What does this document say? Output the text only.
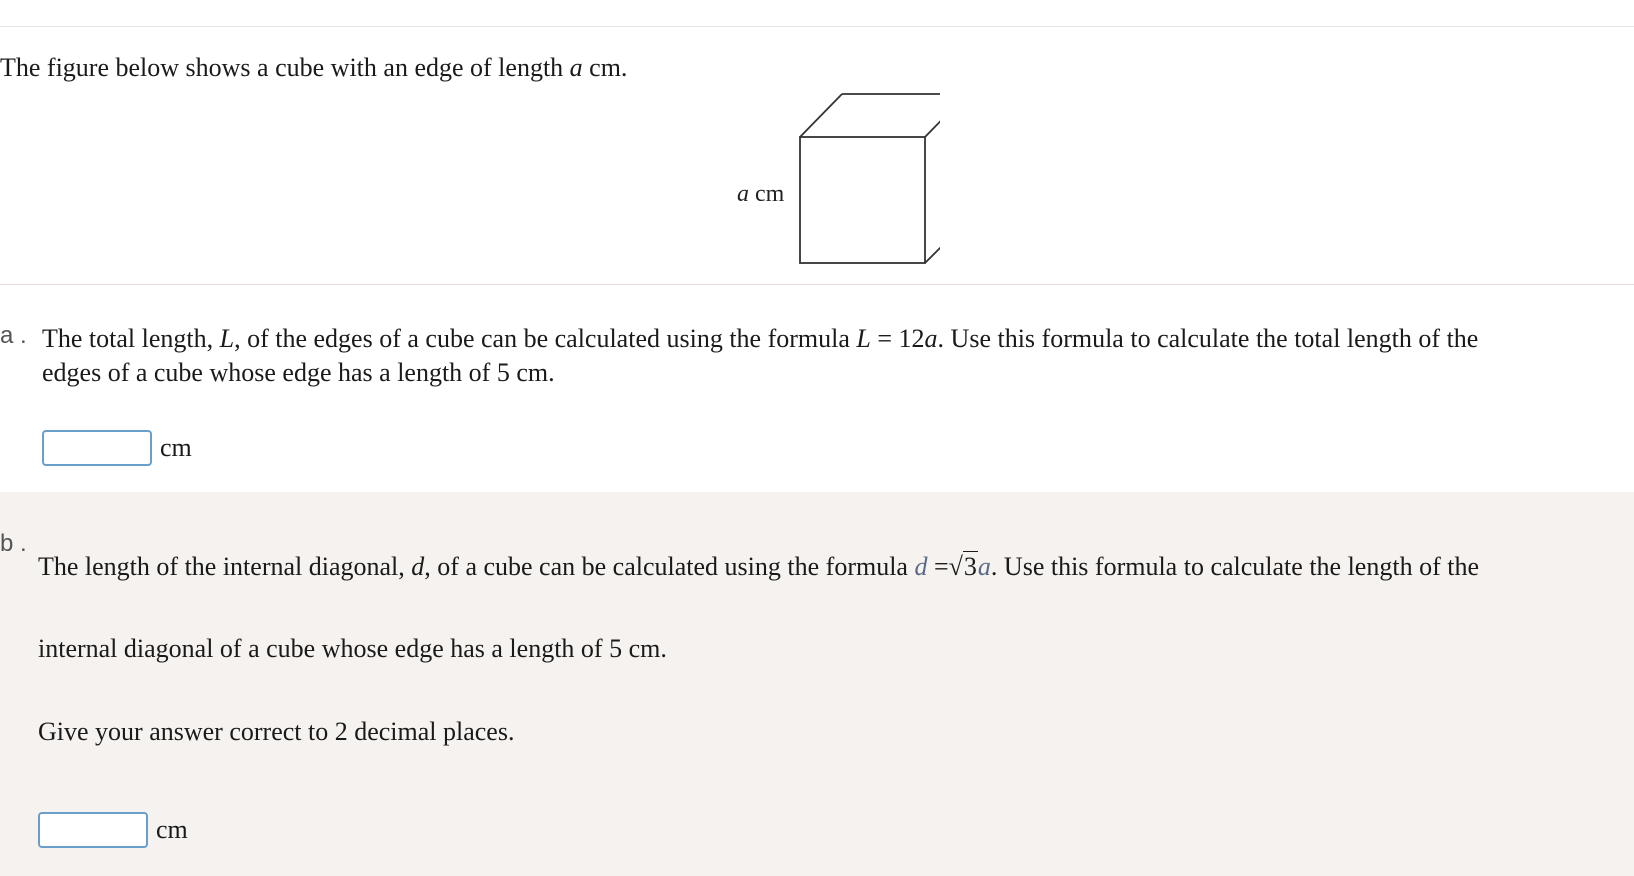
The figure below shows a cube with an edge of length a cm.
a cm
a . The total length, L, of the edges of a cube can be calculated using the formula L = 12a. Use this formula to calculate the total length of the
edges of a cube whose edge has a length of 5 cm.
cm
b .
The length of the internal diagonal, d, of a cube can be calculated using the formula d =√3a. Use this formula to calculate the length of the
internal diagonal of a cube whose edge has a length of 5 cm.
Give your answer correct to 2 decimal places.
cm
